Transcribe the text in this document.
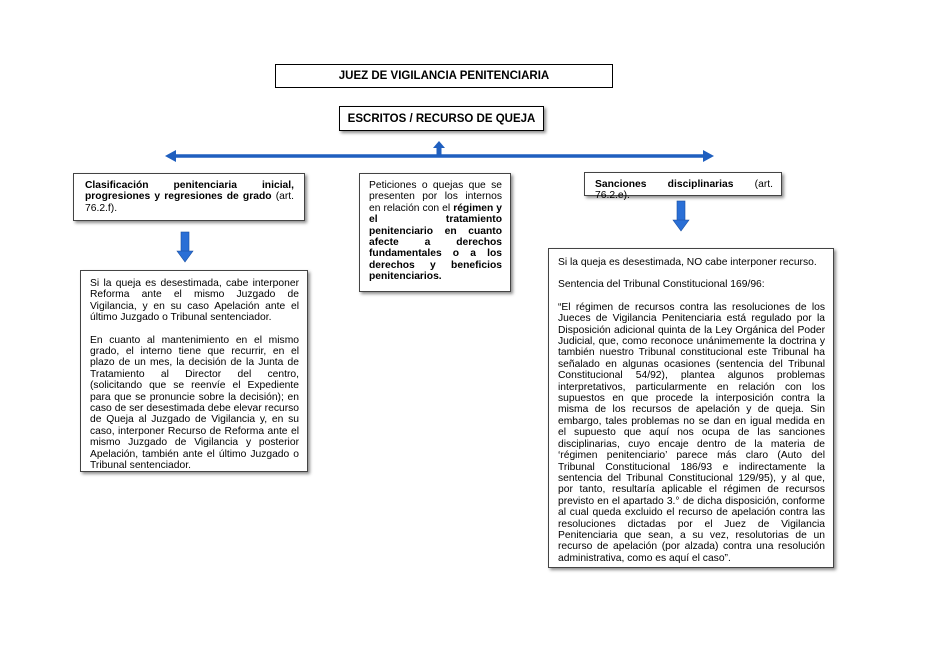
JUEZ DE VIGILANCIA PENITENCIARIA
ESCRITOS / RECURSO DE QUEJA
Clasificación penitenciaria inicial, progresiones y regresiones de grado (art. 76.2.f).
Peticiones o quejas que se presenten por los internos en relación con el régimen y el tratamiento penitenciario en cuanto afecte a derechos fundamentales o a los derechos y beneficios penitenciarios.
Sanciones disciplinarias (art. 76.2.e).

Si la queja es desestimada, cabe interponer Reforma ante el mismo Juzgado de Vigilancia, y en su caso Apelación ante el último Juzgado o Tribunal sentenciador.

En cuanto al mantenimiento en el mismo grado, el interno tiene que recurrir, en el plazo de un mes, la decisión de la Junta de Tratamiento al Director del centro, (solicitando que se reenvíe el Expediente para que se pronuncie sobre la decisión); en caso de ser desestimada debe elevar recurso de Queja al Juzgado de Vigilancia y, en su caso, interponer Recurso de Reforma ante el mismo Juzgado de Vigilancia y posterior Apelación, también ante el último Juzgado o Tribunal sentenciador.

Si la queja es desestimada, NO cabe interponer recurso.

Sentencia del Tribunal Constitucional 169/96:

“El régimen de recursos contra las resoluciones de los Jueces de Vigilancia Penitenciaria está regulado por la Disposición adicional quinta de la Ley Orgánica del Poder Judicial, que, como reconoce unánimemente la doctrina y también nuestro Tribunal constitucional este Tribunal ha señalado en algunas ocasiones (sentencia del Tribunal Constitucional 54/92), plantea algunos problemas interpretativos, particularmente en relación con los supuestos en que procede la interposición contra la misma de los recursos de apelación y de queja. Sin embargo, tales problemas no se dan en igual medida en el supuesto que aquí nos ocupa de las sanciones disciplinarias, cuyo encaje dentro de la materia de ‘régimen penitenciario’ parece más claro (Auto del Tribunal Constitucional 186/93 e indirectamente la sentencia del Tribunal Constitucional 129/95), y al que, por tanto, resultaría aplicable el régimen de recursos previsto en el apartado 3.° de dicha disposición, conforme al cual queda excluido el recurso de apelación contra las resoluciones dictadas por el Juez de Vigilancia Penitenciaria que sean, a su vez, resolutorias de un recurso de apelación (por alzada) contra una resolución administrativa, como es aquí el caso”.
